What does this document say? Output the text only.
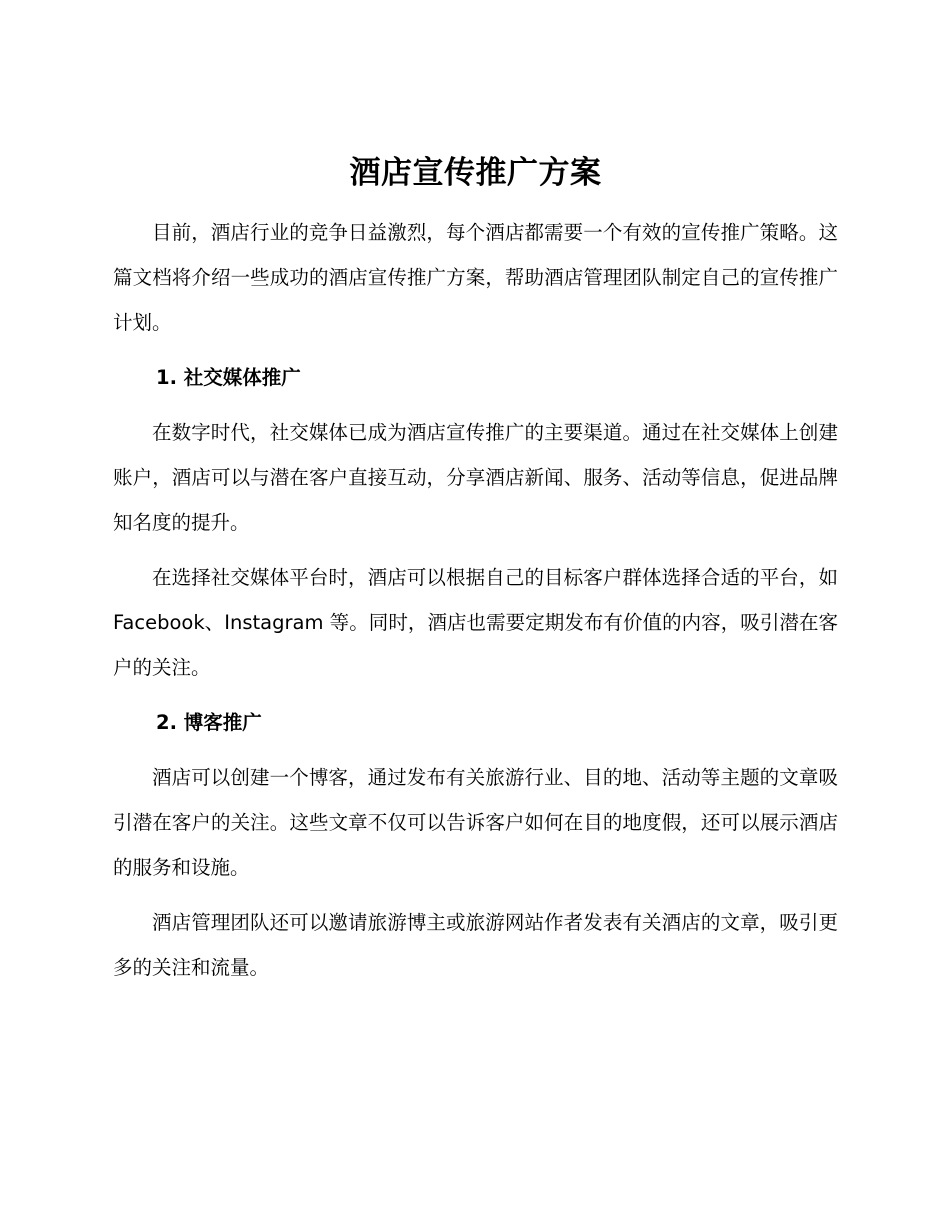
酒店宣传推广方案

目前，酒店行业的竞争日益激烈，每个酒店都需要一个有效的宣传推广策略。这篇文档将介绍一些成功的酒店宣传推广方案，帮助酒店管理团队制定自己的宣传推广计划。

1. 社交媒体推广

在数字时代，社交媒体已成为酒店宣传推广的主要渠道。通过在社交媒体上创建账户，酒店可以与潜在客户直接互动，分享酒店新闻、服务、活动等信息，促进品牌知名度的提升。

在选择社交媒体平台时，酒店可以根据自己的目标客户群体选择合适的平台，如 Facebook、Instagram 等。同时，酒店也需要定期发布有价值的内容，吸引潜在客户的关注。

2. 博客推广

酒店可以创建一个博客，通过发布有关旅游行业、目的地、活动等主题的文章吸引潜在客户的关注。这些文章不仅可以告诉客户如何在目的地度假，还可以展示酒店的服务和设施。

酒店管理团队还可以邀请旅游博主或旅游网站作者发表有关酒店的文章，吸引更多的关注和流量。
